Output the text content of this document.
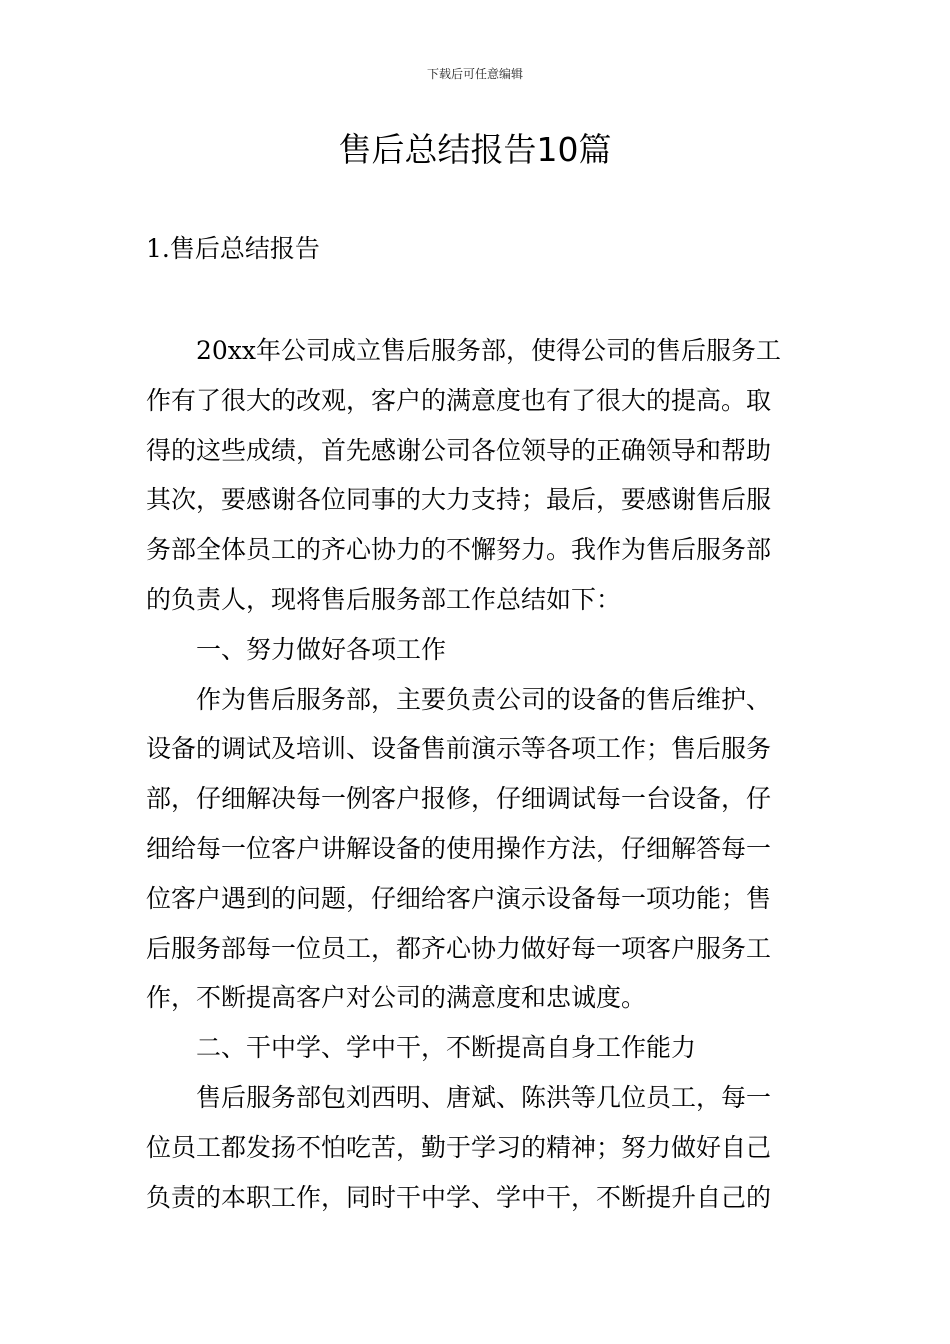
下载后可任意编辑
售后总结报告10篇
1.售后总结报告
20xx年公司成立售后服务部，使得公司的售后服务工
作有了很大的改观，客户的满意度也有了很大的提高。取
得的这些成绩，首先感谢公司各位领导的正确领导和帮助
其次，要感谢各位同事的大力支持；最后，要感谢售后服
务部全体员工的齐心协力的不懈努力。我作为售后服务部
的负责人，现将售后服务部工作总结如下：
一、努力做好各项工作
作为售后服务部，主要负责公司的设备的售后维护、
设备的调试及培训、设备售前演示等各项工作；售后服务
部，仔细解决每一例客户报修，仔细调试每一台设备，仔
细给每一位客户讲解设备的使用操作方法，仔细解答每一
位客户遇到的问题，仔细给客户演示设备每一项功能；售
后服务部每一位员工，都齐心协力做好每一项客户服务工
作，不断提高客户对公司的满意度和忠诚度。
二、干中学、学中干，不断提高自身工作能力
售后服务部包刘西明、唐斌、陈洪等几位员工，每一
位员工都发扬不怕吃苦，勤于学习的精神；努力做好自己
负责的本职工作，同时干中学、学中干，不断提升自己的
